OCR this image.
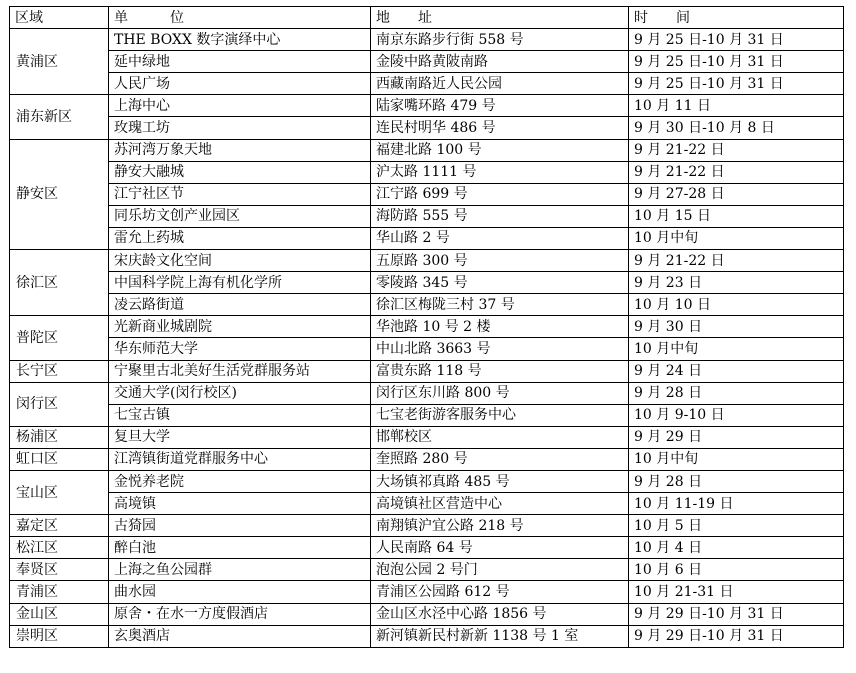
区域	单　　　位	地　　址	时　　间
黄浦区	THE BOXX 数字演绎中心	南京东路步行街 558 号	9 月 25 日-10 月 31 日
	延中绿地	金陵中路黄陂南路	9 月 25 日-10 月 31 日
	人民广场	西藏南路近人民公园	9 月 25 日-10 月 31 日
浦东新区	上海中心	陆家嘴环路 479 号	10 月 11 日
	玫瑰工坊	连民村明华 486 号	9 月 30 日-10 月 8 日
静安区	苏河湾万象天地	福建北路 100 号	9 月 21-22 日
	静安大融城	沪太路 1111 号	9 月 21-22 日
	江宁社区节	江宁路 699 号	9 月 27-28 日
	同乐坊文创产业园区	海防路 555 号	10 月 15 日
	雷允上药城	华山路 2 号	10 月中旬
徐汇区	宋庆龄文化空间	五原路 300 号	9 月 21-22 日
	中国科学院上海有机化学所	零陵路 345 号	9 月 23 日
	凌云路街道	徐汇区梅陇三村 37 号	10 月 10 日
普陀区	光新商业城剧院	华池路 10 号 2 楼	9 月 30 日
	华东师范大学	中山北路 3663 号	10 月中旬
长宁区	宁聚里古北美好生活党群服务站	富贵东路 118 号	9 月 24 日
闵行区	交通大学(闵行校区)	闵行区东川路 800 号	9 月 28 日
	七宝古镇	七宝老街游客服务中心	10 月 9-10 日
杨浦区	复旦大学	邯郸校区	9 月 29 日
虹口区	江湾镇街道党群服务中心	奎照路 280 号	10 月中旬
宝山区	金悦养老院	大场镇祁真路 485 号	9 月 28 日
	高境镇	高境镇社区营造中心	10 月 11-19 日
嘉定区	古猗园	南翔镇沪宜公路 218 号	10 月 5 日
松江区	醉白池	人民南路 64 号	10 月 4 日
奉贤区	上海之鱼公园群	泡泡公园 2 号门	10 月 6 日
青浦区	曲水园	青浦区公园路 612 号	10 月 21-31 日
金山区	原舍・在水一方度假酒店	金山区水泾中心路 1856 号	9 月 29 日-10 月 31 日
崇明区	玄奥酒店	新河镇新民村新新 1138 号 1 室	9 月 29 日-10 月 31 日
